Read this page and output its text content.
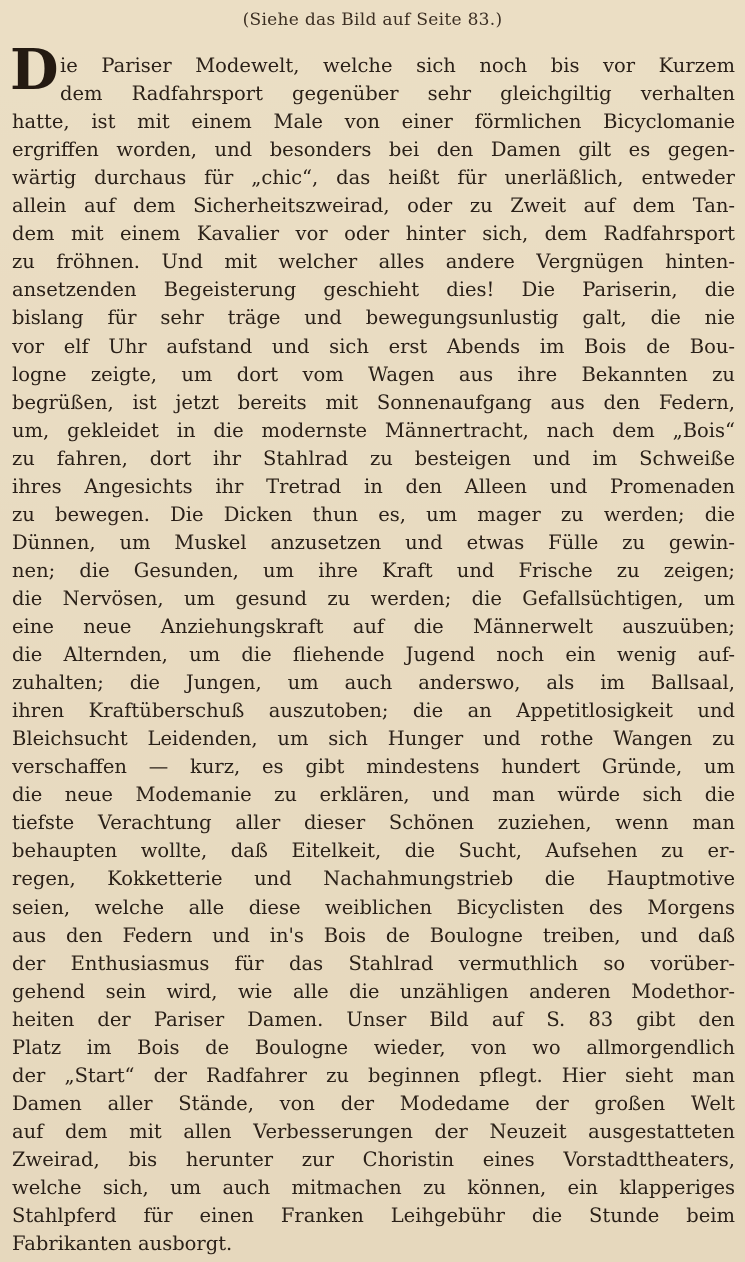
(Siehe das Bild auf Seite 83.)
D ie Pariser Modewelt, welche sich noch bis vor Kurzem
dem Radfahrsport gegenüber sehr gleichgiltig verhalten
hatte, ist mit einem Male von einer förmlichen Bicyclomanie
ergriffen worden, und besonders bei den Damen gilt es gegen-
wärtig durchaus für „chic“, das heißt für unerläßlich, entweder
allein auf dem Sicherheitszweirad, oder zu Zweit auf dem Tan-
dem mit einem Kavalier vor oder hinter sich, dem Radfahrsport
zu fröhnen. Und mit welcher alles andere Vergnügen hinten-
ansetzenden Begeisterung geschieht dies! Die Pariserin, die
bislang für sehr träge und bewegungsunlustig galt, die nie
vor elf Uhr aufstand und sich erst Abends im Bois de Bou-
logne zeigte, um dort vom Wagen aus ihre Bekannten zu
begrüßen, ist jetzt bereits mit Sonnenaufgang aus den Federn,
um, gekleidet in die modernste Männertracht, nach dem „Bois“
zu fahren, dort ihr Stahlrad zu besteigen und im Schweiße
ihres Angesichts ihr Tretrad in den Alleen und Promenaden
zu bewegen. Die Dicken thun es, um mager zu werden; die
Dünnen, um Muskel anzusetzen und etwas Fülle zu gewin-
nen; die Gesunden, um ihre Kraft und Frische zu zeigen;
die Nervösen, um gesund zu werden; die Gefallsüchtigen, um
eine neue Anziehungskraft auf die Männerwelt auszuüben;
die Alternden, um die fliehende Jugend noch ein wenig auf-
zuhalten; die Jungen, um auch anderswo, als im Ballsaal,
ihren Kraftüberschuß auszutoben; die an Appetitlosigkeit und
Bleichsucht Leidenden, um sich Hunger und rothe Wangen zu
verschaffen — kurz, es gibt mindestens hundert Gründe, um
die neue Modemanie zu erklären, und man würde sich die
tiefste Verachtung aller dieser Schönen zuziehen, wenn man
behaupten wollte, daß Eitelkeit, die Sucht, Aufsehen zu er-
regen, Kokketterie und Nachahmungstrieb die Hauptmotive
seien, welche alle diese weiblichen Bicyclisten des Morgens
aus den Federn und in's Bois de Boulogne treiben, und daß
der Enthusiasmus für das Stahlrad vermuthlich so vorüber-
gehend sein wird, wie alle die unzähligen anderen Modethor-
heiten der Pariser Damen. Unser Bild auf S. 83 gibt den
Platz im Bois de Boulogne wieder, von wo allmorgendlich
der „Start“ der Radfahrer zu beginnen pflegt. Hier sieht man
Damen aller Stände, von der Modedame der großen Welt
auf dem mit allen Verbesserungen der Neuzeit ausgestatteten
Zweirad, bis herunter zur Choristin eines Vorstadttheaters,
welche sich, um auch mitmachen zu können, ein klapperiges
Stahlpferd für einen Franken Leihgebühr die Stunde beim
Fabrikanten ausborgt.
